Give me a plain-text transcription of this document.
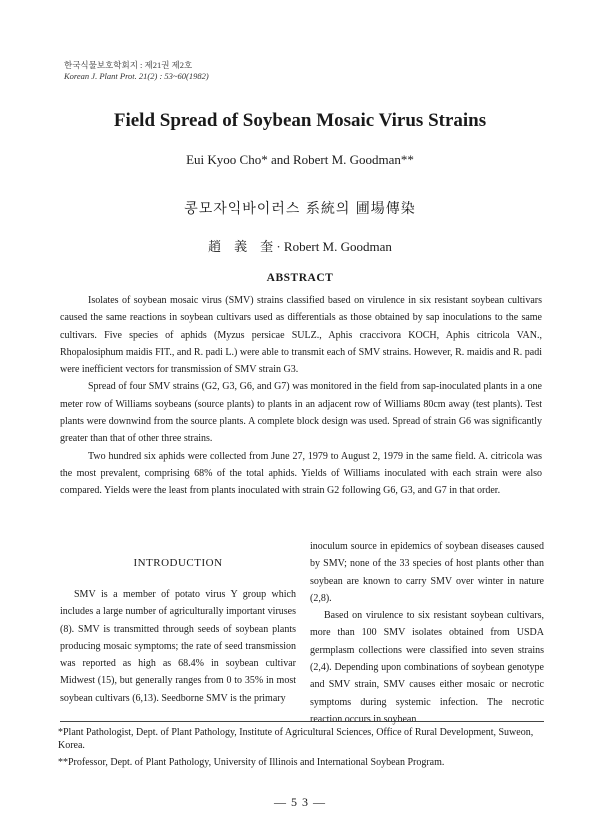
한국식물보호학회지 : 제21권 제2호
Korean J. Plant Prot. 21(2) : 53~60(1982)
Field Spread of Soybean Mosaic Virus Strains
Eui Kyoo Cho* and Robert M. Goodman**
콩모자익바이러스 系統의 圃場傳染
趙　義　奎 · Robert M. Goodman
ABSTRACT

Isolates of soybean mosaic virus (SMV) strains classified based on virulence in six resistant soybean cultivars caused the same reactions in soybean cultivars used as differentials as those obtained by sap inoculations to the same cultivars. Five species of aphids (Myzus persicae SULZ., Aphis craccivora KOCH, Aphis citricola VAN., Rhopalosiphum maidis FIT., and R. padi L.) were able to transmit each of SMV strains. However, R. maidis and R. padi were inefficient vectors for transmission of SMV strain G3.

Spread of four SMV strains (G2, G3, G6, and G7) was monitored in the field from sap-inoculated plants in a one meter row of Williams soybeans (source plants) to plants in an adjacent row of Williams 80cm away (test plants). Test plants were downwind from the source plants. A complete block design was used. Spread of strain G6 was significantly greater than that of other three strains.

Two hundred six aphids were collected from June 27, 1979 to August 2, 1979 in the same field. A. citricola was the most prevalent, comprising 68% of the total aphids. Yields of Williams inoculated with each strain were also compared. Yields were the least from plants inoculated with strain G2 following G6, G3, and G7 in that order.

INTRODUCTION

SMV is a member of potato virus Y group which includes a large number of agriculturally important viruses (8). SMV is transmitted through seeds of soybean plants producing mosaic symptoms; the rate of seed transmission was reported as high as 68.4% in soybean cultivar Midwest (15), but generally ranges from 0 to 35% in most soybean cultivars (6,13). Seedborne SMV is the primary

inoculum source in epidemics of soybean diseases caused by SMV; none of the 33 species of host plants other than soybean are known to carry SMV over winter in nature (2,8).

Based on virulence to six resistant soybean cultivars, more than 100 SMV isolates obtained from USDA germplasm collections were classified into seven strains (2,4). Depending upon combinations of soybean genotype and SMV strain, SMV causes either mosaic or necrotic symptoms during systemic infection. The necrotic reaction occurs in soybean

*Plant Pathologist, Dept. of Plant Pathology, Institute of Agricultural Sciences, Office of Rural Development, Suweon, Korea.
**Professor, Dept. of Plant Pathology, University of Illinois and International Soybean Program.
— 5 3 —
